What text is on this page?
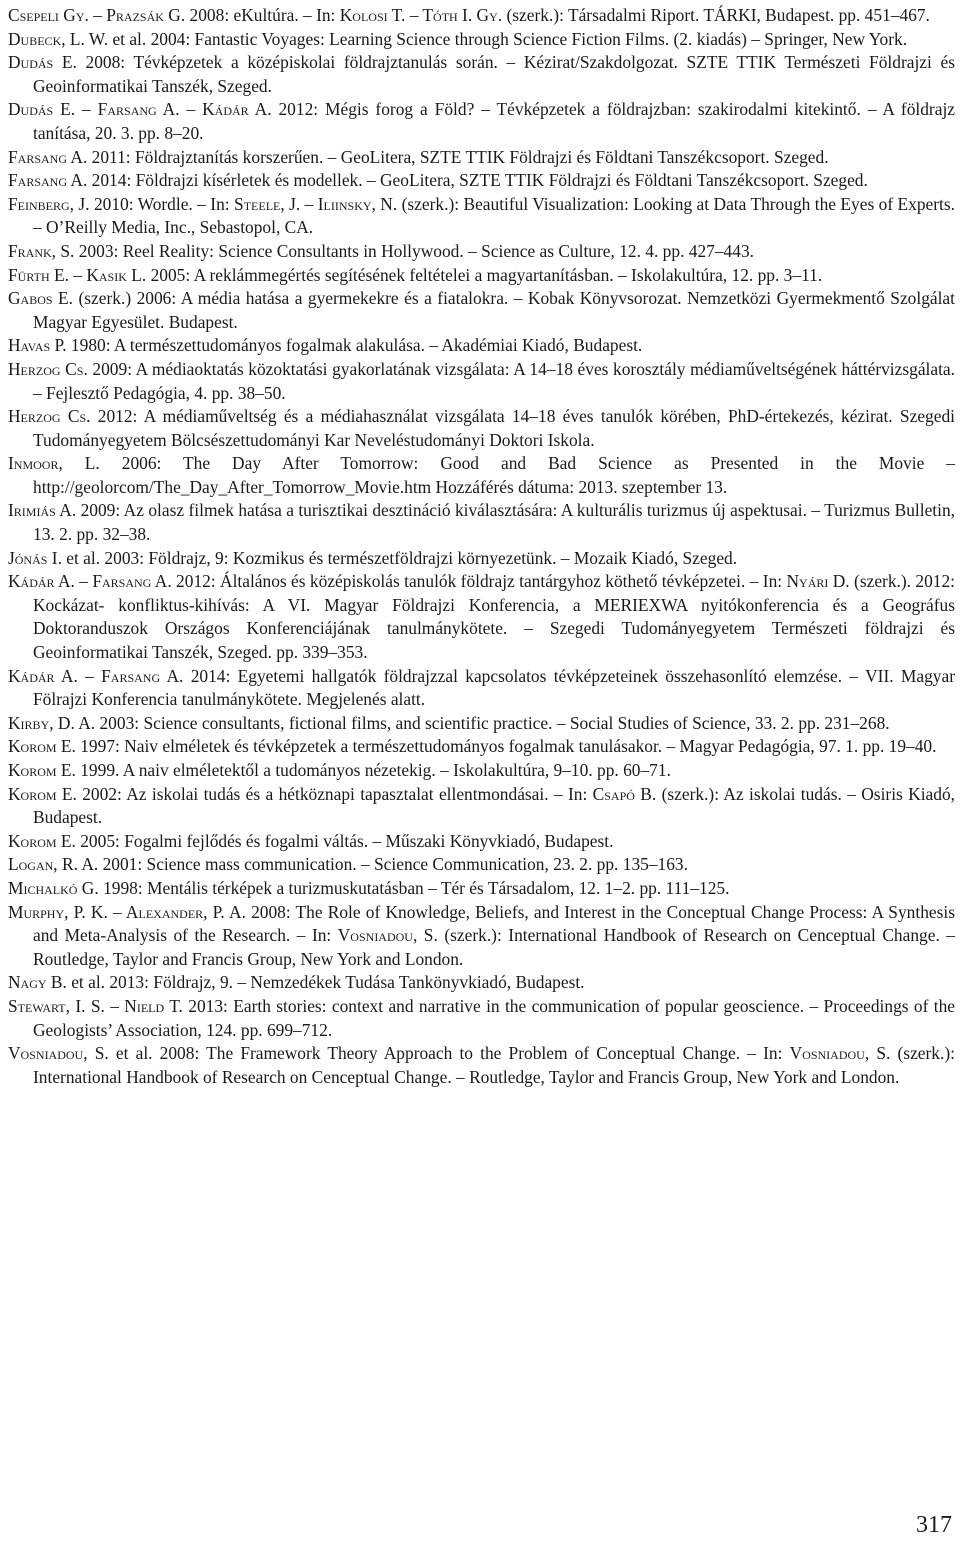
Csepeli Gy. – Prazsák G. 2008: eKultúra. – In: Kolosi T. – Tóth I. Gy. (szerk.): Társadalmi Riport. TÁRKI, Budapest. pp. 451–467.

Dubeck, L. W. et al. 2004: Fantastic Voyages: Learning Science through Science Fiction Films. (2. kiadás) – Springer, New York.

Dudás E. 2008: Tévképzetek a középiskolai földrajztanulás során. – Kézirat/Szakdolgozat. SZTE TTIK Természeti Földrajzi és Geoinformatikai Tanszék, Szeged.

Dudás E. – Farsang A. – Kádár A. 2012: Mégis forog a Föld? – Tévképzetek a földrajzban: szakirodalmi kitekintő. – A földrajz tanítása, 20. 3. pp. 8–20.

Farsang A. 2011: Földrajztanítás korszerűen. – GeoLitera, SZTE TTIK Földrajzi és Földtani Tanszékcsoport. Szeged.

Farsang A. 2014: Földrajzi kísérletek és modellek. – GeoLitera, SZTE TTIK Földrajzi és Földtani Tanszékcsoport. Szeged.

Feinberg, J. 2010: Wordle. – In: Steele, J. – Iliinsky, N. (szerk.): Beautiful Visualization: Looking at Data Through the Eyes of Experts. – O’Reilly Media, Inc., Sebastopol, CA.

Frank, S. 2003: Reel Reality: Science Consultants in Hollywood. – Science as Culture, 12. 4. pp. 427–443.

Fürth E. – Kasik L. 2005: A reklámmegértés segítésének feltételei a magyartanításban. – Iskolakultúra, 12. pp. 3–11.

Gabos E. (szerk.) 2006: A média hatása a gyermekekre és a fiatalokra. – Kobak Könyvsorozat. Nemzetközi Gyermekmentő Szolgálat Magyar Egyesület. Budapest.

Havas P. 1980: A természettudományos fogalmak alakulása. – Akadémiai Kiadó, Budapest.

Herzog Cs. 2009: A médiaoktatás közoktatási gyakorlatának vizsgálata: A 14–18 éves korosztály médiaműveltségének háttérvizsgálata. – Fejlesztő Pedagógia, 4. pp. 38–50.

Herzog Cs. 2012: A médiaműveltség és a médiahasználat vizsgálata 14–18 éves tanulók körében, PhD-értekezés, kézirat. Szegedi Tudományegyetem Bölcsészettudományi Kar Neveléstudományi Doktori Iskola.

Inmoor, L. 2006: The Day After Tomorrow: Good and Bad Science as Presented in the Movie – http://geolorcom/The_Day_After_Tomorrow_Movie.htm Hozzáférés dátuma: 2013. szeptember 13.

Irimiás A. 2009: Az olasz filmek hatása a turisztikai desztináció kiválasztására: A kulturális turizmus új aspektusai. – Turizmus Bulletin, 13. 2. pp. 32–38.

Jónás I. et al. 2003: Földrajz, 9: Kozmikus és természetföldrajzi környezetünk. – Mozaik Kiadó, Szeged.

Kádár A. – Farsang A. 2012: Általános és középiskolás tanulók földrajz tantárgyhoz köthető tévképzetei. – In: Nyári D. (szerk.). 2012: Kockázat- konfliktus-kihívás: A VI. Magyar Földrajzi Konferencia, a MERIEXWA nyitókonferencia és a Geográfus Doktoranduszok Országos Konferenciájának tanulmánykötete. – Szegedi Tudományegyetem Természeti földrajzi és Geoinformatikai Tanszék, Szeged. pp. 339–353.

Kádár A. – Farsang A. 2014: Egyetemi hallgatók földrajzzal kapcsolatos tévképzeteinek összehasonlító elemzése. – VII. Magyar Fölrajzi Konferencia tanulmánykötete. Megjelenés alatt.

Kirby, D. A. 2003: Science consultants, fictional films, and scientific practice. – Social Studies of Science, 33. 2. pp. 231–268.

Korom E. 1997: Naiv elméletek és tévképzetek a természettudományos fogalmak tanulásakor. – Magyar Pedagógia, 97. 1. pp. 19–40.

Korom E. 1999. A naiv elméletektől a tudományos nézetekig. – Iskolakultúra, 9–10. pp. 60–71.

Korom E. 2002: Az iskolai tudás és a hétköznapi tapasztalat ellentmondásai. – In: Csapó B. (szerk.): Az iskolai tudás. – Osiris Kiadó, Budapest.

Korom E. 2005: Fogalmi fejlődés és fogalmi váltás. – Műszaki Könyvkiadó, Budapest.

Logan, R. A. 2001: Science mass communication. – Science Communication, 23. 2. pp. 135–163.

Michalkó G. 1998: Mentális térképek a turizmuskutatásban – Tér és Társadalom, 12. 1–2. pp. 111–125.

Murphy, P. K. – Alexander, P. A. 2008: The Role of Knowledge, Beliefs, and Interest in the Conceptual Change Process: A Synthesis and Meta-Analysis of the Research. – In: Vosniadou, S. (szerk.): International Handbook of Research on Cenceptual Change. – Routledge, Taylor and Francis Group, New York and London.

Nagy B. et al. 2013: Földrajz, 9. – Nemzedékek Tudása Tankönyvkiadó, Budapest.

Stewart, I. S. – Nield T. 2013: Earth stories: context and narrative in the communication of popular geoscience. – Proceedings of the Geologists’ Association, 124. pp. 699–712.

Vosniadou, S. et al. 2008: The Framework Theory Approach to the Problem of Conceptual Change. – In: Vosniadou, S. (szerk.): International Handbook of Research on Cenceptual Change. – Routledge, Taylor and Francis Group, New York and London.

317
